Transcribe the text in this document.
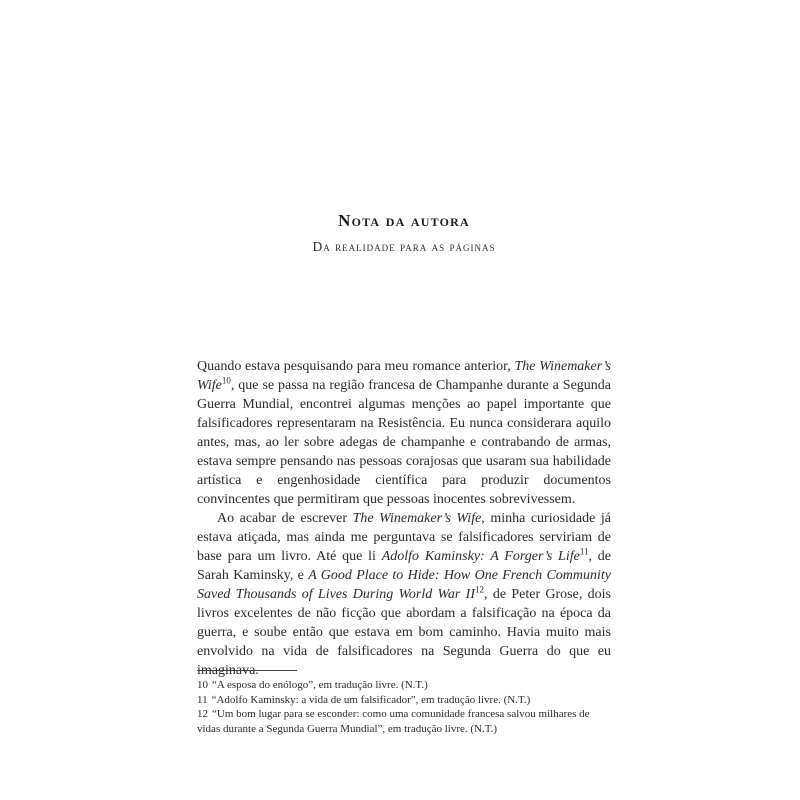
Nota da autora
Da realidade para as páginas

Quando estava pesquisando para meu romance anterior, The Winemaker’s Wife$^{10}$, que se passa na região francesa de Champanhe durante a Segunda Guerra Mundial, encontrei algumas menções ao papel importante que falsificadores representaram na Resistência. Eu nunca considerara aquilo antes, mas, ao ler sobre adegas de champanhe e contrabando de armas, estava sempre pensando nas pessoas corajosas que usaram sua habilidade artística e engenhosidade científica para produzir documentos convincentes que permitiram que pessoas inocentes sobrevivessem.

Ao acabar de escrever The Winemaker’s Wife, minha curiosidade já estava atiçada, mas ainda me perguntava se falsificadores serviriam de base para um livro. Até que li Adolfo Kaminsky: A Forger’s Life$^{11}$, de Sarah Kaminsky, e A Good Place to Hide: How One French Community Saved Thousands of Lives During World War II$^{12}$, de Peter Grose, dois livros excelentes de não ficção que abordam a falsificação na época da guerra, e soube então que estava em bom caminho. Havia muito mais envolvido na vida de falsificadores na Segunda Guerra do que eu imaginava.

10 “A esposa do enólogo”, em tradução livre. (N.T.)

11 “Adolfo Kaminsky: a vida de um falsificador”, em tradução livre. (N.T.)

12 “Um bom lugar para se esconder: como uma comunidade francesa salvou milhares de vidas durante a Segunda Guerra Mundial”, em tradução livre. (N.T.)
